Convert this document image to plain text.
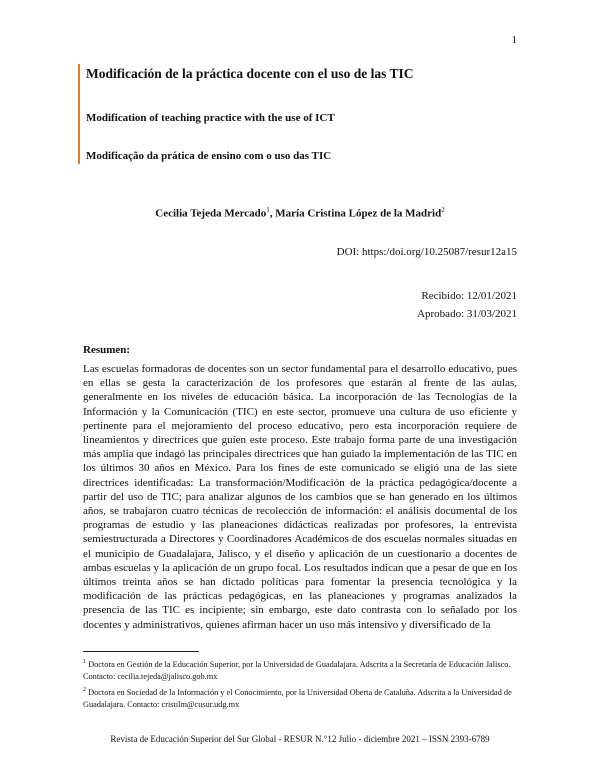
1
Modificación de la práctica docente con el uso de las TIC
Modification of teaching practice with the use of ICT
Modificação da prática de ensino com o uso das TIC
Cecilia Tejeda Mercado$^1$, María Cristina López de la Madrid$^2$
DOI: https:/doi.org/10.25087/resur12a15
Recibido: 12/01/2021
Aprobado: 31/03/2021
Resumen:

Las escuelas formadoras de docentes son un sector fundamental para el desarrollo educativo, pues en ellas se gesta la caracterización de los profesores que estarán al frente de las aulas, generalmente en los niveles de educación básica. La incorporación de las Tecnologías de la Información y la Comunicación (TIC) en este sector, promueve una cultura de uso eficiente y pertinente para el mejoramiento del proceso educativo, pero esta incorporación requiere de lineamientos y directrices que guíen este proceso. Este trabajo forma parte de una investigación más amplia que indagó las principales directrices que han guiado la implementación de las TIC en los últimos 30 años en México. Para los fines de este comunicado se eligió una de las siete directrices identificadas: La transformación/Modificación de la práctica pedagógica/docente a partir del uso de TIC; para analizar algunos de los cambios que se han generado en los últimos años, se trabajaron cuatro técnicas de recolección de información: el análisis documental de los programas de estudio y las planeaciones didácticas realizadas por profesores, la entrevista semiestructurada a Directores y Coordinadores Académicos de dos escuelas normales situadas en el municipio de Guadalajara, Jalisco, y el diseño y aplicación de un cuestionario a docentes de ambas escuelas y la aplicación de un grupo focal. Los resultados indican que a pesar de que en los últimos treinta años se han dictado políticas para fomentar la presencia tecnológica y la modificación de las prácticas pedagógicas, en las planeaciones y programas analizados la presencia de las TIC es incipiente; sin embargo, este dato contrasta con lo señalado por los docentes y administrativos, quienes afirman hacer un uso más intensivo y diversificado de la

$^1$ Doctora en Gestión de la Educación Superior, por la Universidad de Guadalajara. Adscrita a la Secretaría de Educación Jalisco. Contacto: cecilia.tejeda@jalisco.gob.mx

$^2$ Doctora en Sociedad de la Información y el Conocimiento, por la Universidad Oberta de Cataluña. Adscrita a la Universidad de Guadalajara. Contacto: cristilm@cusur.udg.mx

Revista de Educación Superior del Sur Global - RESUR N.°12 Julio - diciembre 2021 – ISSN 2393-6789
